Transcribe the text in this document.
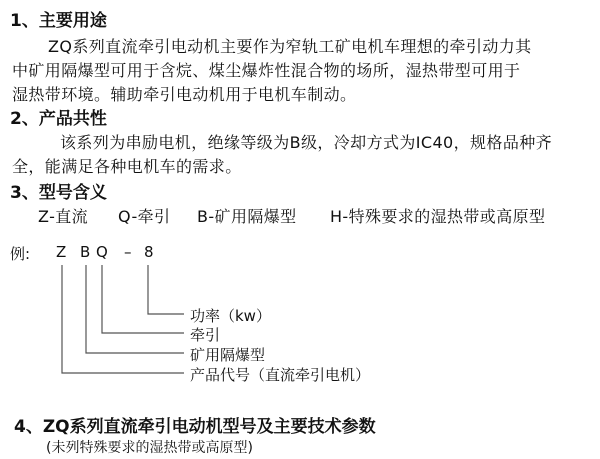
1、主要用途
ZQ系列直流牵引电动机主要作为窄轨工矿电机车理想的牵引动力其
中矿用隔爆型可用于含烷、煤尘爆炸性混合物的场所，湿热带型可用于
湿热带环境。辅助牵引电动机用于电机车制动。
2、产品共性
该系列为串励电机，绝缘等级为B级，冷却方式为IC40，规格品种齐
全，能满足各种电机车的需求。
3、型号含义
Z-直流 Q-牵引 B-矿用隔爆型 H-特殊要求的湿热带或高原型
例: Z B Q – 8
功率（kw）
牵引
矿用隔爆型
产品代号（直流牵引电机）
4、ZQ系列直流牵引电动机型号及主要技术参数
(未列特殊要求的湿热带或高原型)
